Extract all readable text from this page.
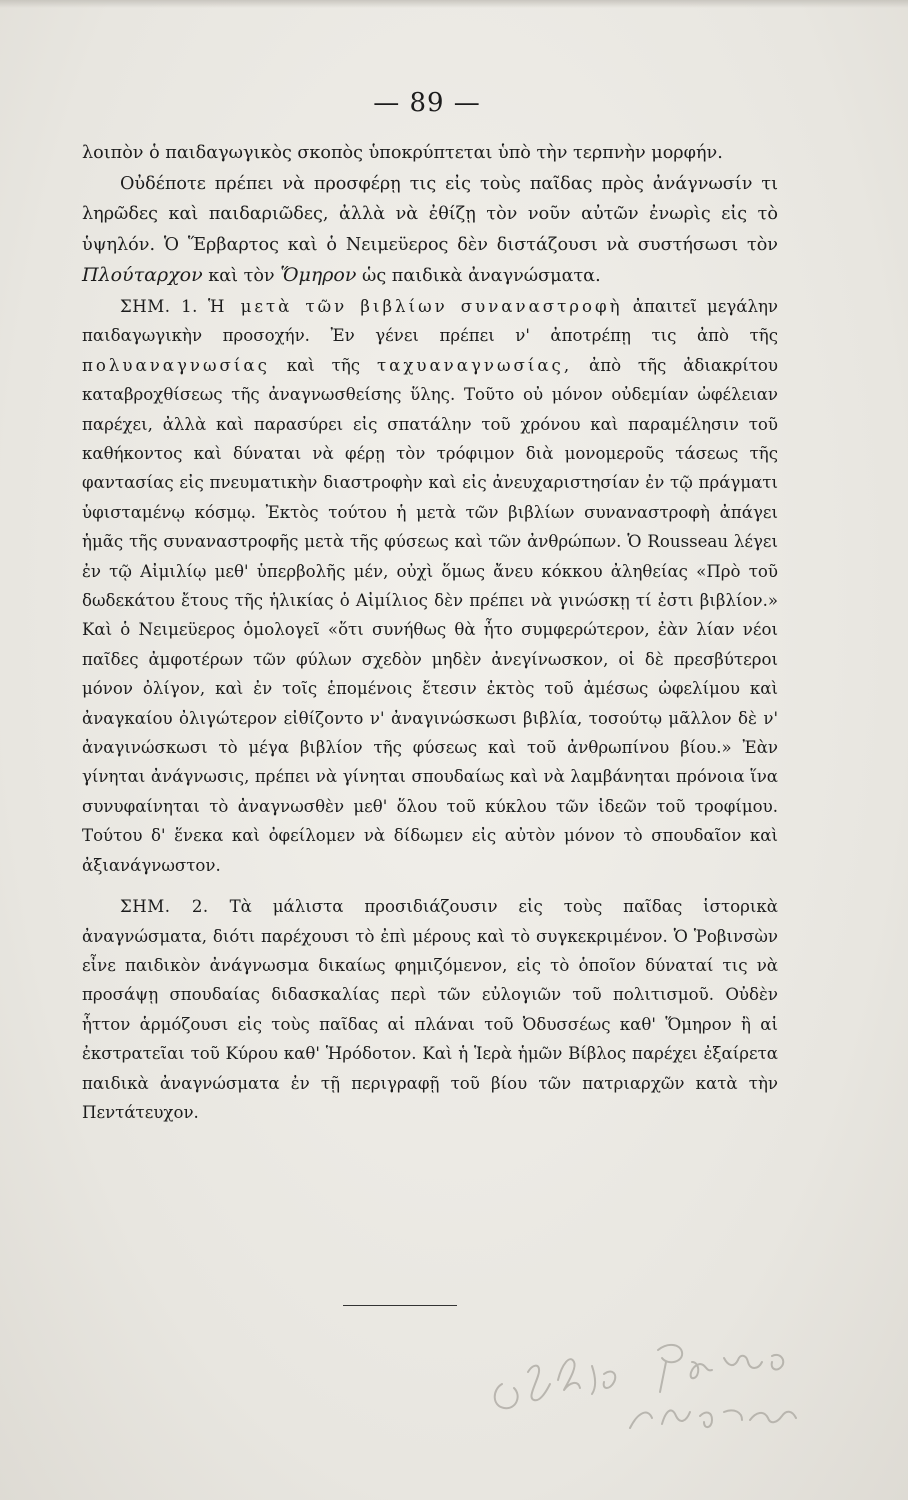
— 89 —

λοιπὸν ὁ παιδαγωγικὸς σκοπὸς ὑποκρύπτεται ὑπὸ τὴν τερπνὴν μορφήν.

Οὐδέποτε πρέπει νὰ προσφέρῃ τις εἰς τοὺς παῖδας πρὸς ἀνάγνωσίν τι ληρῶδες καὶ παιδαριῶδες, ἀλλὰ νὰ ἐθίζῃ τὸν νοῦν αὐτῶν ἐνωρὶς εἰς τὸ ὑψηλόν. Ὁ Ἕρβαρτος καὶ ὁ Νειμεϋερος δὲν διστάζουσι νὰ συστήσωσι τὸν Πλούταρχον καὶ τὸν Ὅμηρον ὡς παιδικὰ ἀναγνώσματα.

ΣΗΜ. 1. Ἡ μετὰ τῶν βιβλίων συναναστροφὴ ἀπαιτεῖ μεγάλην παιδαγωγικὴν προσοχήν. Ἐν γένει πρέπει ν' ἀποτρέπῃ τις ἀπὸ τῆς πολυαναγνωσίας καὶ τῆς ταχυαναγνωσίας, ἀπὸ τῆς ἀδιακρίτου καταβροχθίσεως τῆς ἀναγνωσθείσης ὕλης. Τοῦτο οὐ μόνον οὐδεμίαν ὠφέλειαν παρέχει, ἀλλὰ καὶ παρασύρει εἰς σπατάλην τοῦ χρόνου καὶ παραμέλησιν τοῦ καθήκοντος καὶ δύναται νὰ φέρῃ τὸν τρόφιμον διὰ μονομεροῦς τάσεως τῆς φαντασίας εἰς πνευματικὴν διαστροφὴν καὶ εἰς ἀνευχαριστησίαν ἐν τῷ πράγματι ὑφισταμένῳ κόσμῳ. Ἐκτὸς τούτου ἡ μετὰ τῶν βιβλίων συναναστροφὴ ἀπάγει ἡμᾶς τῆς συναναστροφῆς μετὰ τῆς φύσεως καὶ τῶν ἀνθρώπων. Ὁ Rousseau λέγει ἐν τῷ Αἰμιλίῳ μεθ' ὑπερβολῆς μέν, οὐχὶ ὅμως ἄνευ κόκκου ἀληθείας «Πρὸ τοῦ δωδεκάτου ἔτους τῆς ἡλικίας ὁ Αἰμίλιος δὲν πρέπει νὰ γινώσκῃ τί ἐστι βιβλίον.» Καὶ ὁ Νειμεϋερος ὁμολογεῖ «ὅτι συνήθως θὰ ἦτο συμφερώτερον, ἐὰν λίαν νέοι παῖδες ἀμφοτέρων τῶν φύλων σχεδὸν μηδὲν ἀνεγίνωσκον, οἱ δὲ πρεσβύτεροι μόνον ὀλίγον, καὶ ἐν τοῖς ἑπομένοις ἔτεσιν ἐκτὸς τοῦ ἀμέσως ὠφελίμου καὶ ἀναγκαίου ὀλιγώτερον εἰθίζοντο ν' ἀναγινώσκωσι βιβλία, τοσούτῳ μᾶλλον δὲ ν' ἀναγινώσκωσι τὸ μέγα βιβλίον τῆς φύσεως καὶ τοῦ ἀνθρωπίνου βίου.» Ἐὰν γίνηται ἀνάγνωσις, πρέπει νὰ γίνηται σπουδαίως καὶ νὰ λαμβάνηται πρόνοια ἵνα συνυφαίνηται τὸ ἀναγνωσθὲν μεθ' ὅλου τοῦ κύκλου τῶν ἰδεῶν τοῦ τροφίμου. Τούτου δ' ἕνεκα καὶ ὀφείλομεν νὰ δίδωμεν εἰς αὐτὸν μόνον τὸ σπουδαῖον καὶ ἀξιανάγνωστον.

ΣΗΜ. 2. Τὰ μάλιστα προσιδιάζουσιν εἰς τοὺς παῖδας ἱστορικὰ ἀναγνώσματα, διότι παρέχουσι τὸ ἐπὶ μέρους καὶ τὸ συγκεκριμένον. Ὁ Ῥοβινσὼν εἶνε παιδικὸν ἀνάγνωσμα δικαίως φημιζόμενον, εἰς τὸ ὁποῖον δύναταί τις νὰ προσάψῃ σπουδαίας διδασκαλίας περὶ τῶν εὐλογιῶν τοῦ πολιτισμοῦ. Οὐδὲν ἧττον ἁρμόζουσι εἰς τοὺς παῖδας αἱ πλάναι τοῦ Ὀδυσσέως καθ' Ὅμηρον ἢ αἱ ἐκστρατεῖαι τοῦ Κύρου καθ' Ἡρόδοτον. Καὶ ἡ Ἱερὰ ἡμῶν Βίβλος παρέχει ἐξαίρετα παιδικὰ ἀναγνώσματα ἐν τῇ περιγραφῇ τοῦ βίου τῶν πατριαρχῶν κατὰ τὴν Πεντάτευχον.
